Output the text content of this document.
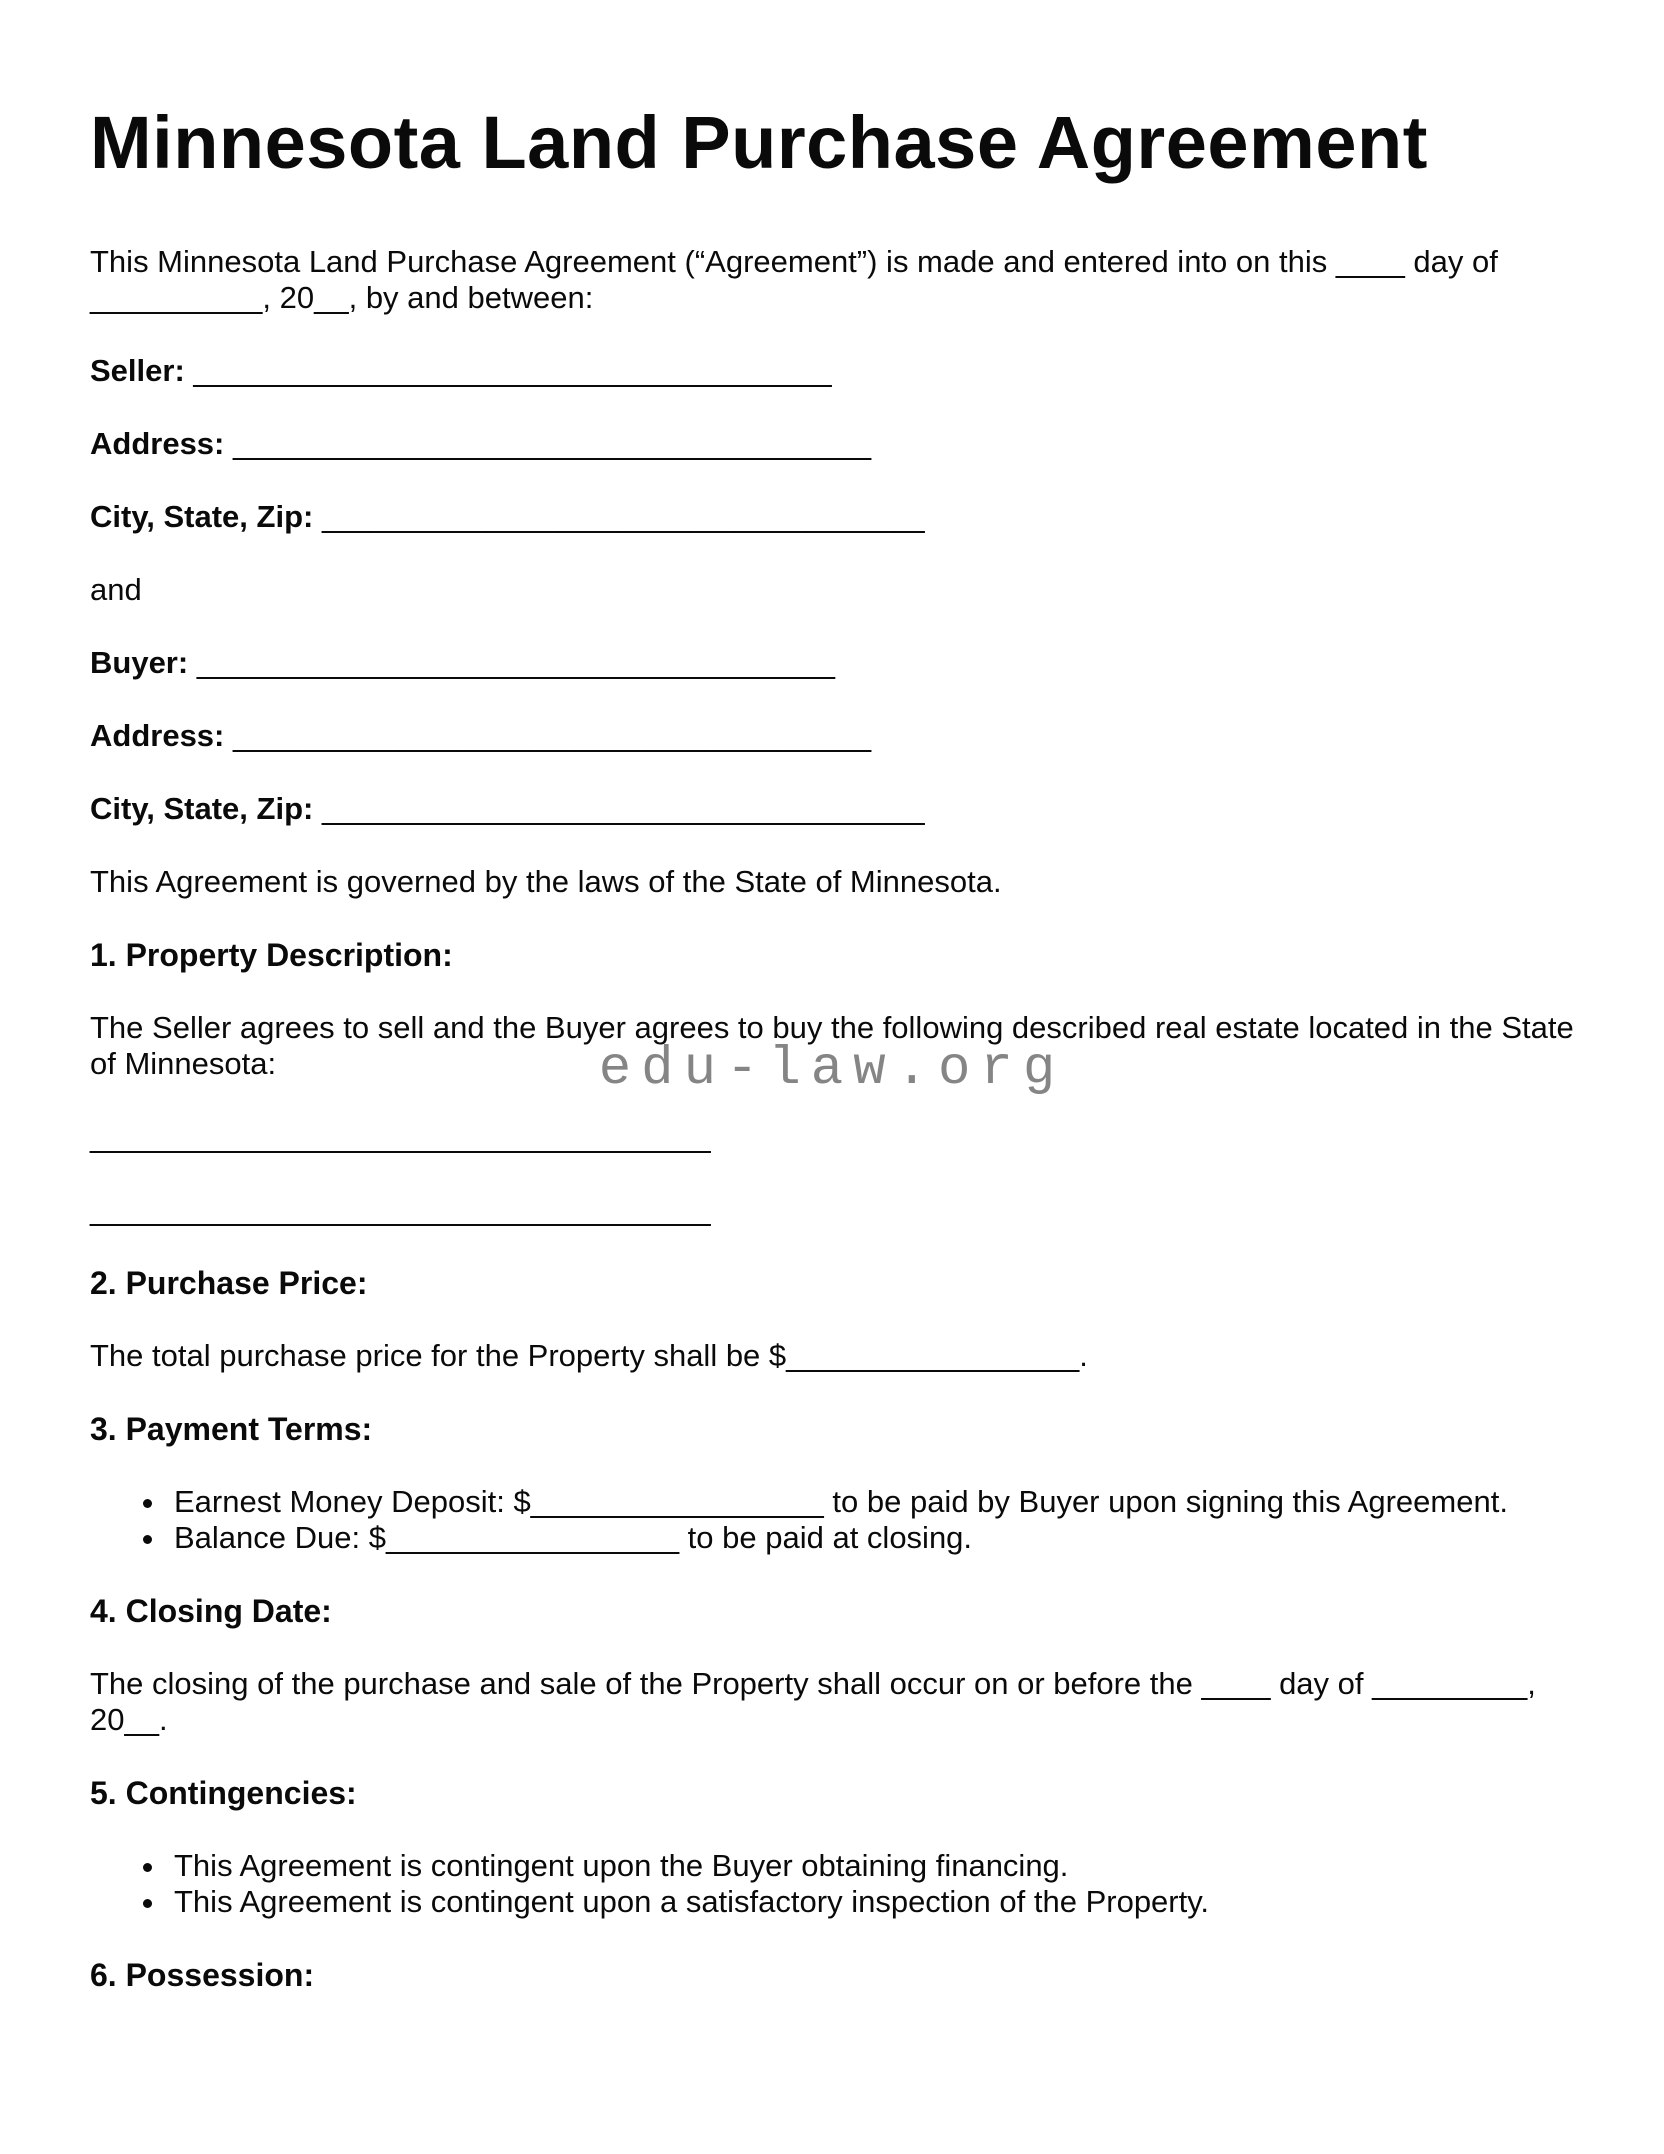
Minnesota Land Purchase Agreement

This Minnesota Land Purchase Agreement (“Agreement”) is made and entered into on this ____ day of __________, 20__, by and between:

Seller: ____________________________________

Address: ____________________________________

City, State, Zip: __________________________________

and

Buyer: ____________________________________

Address: ____________________________________

City, State, Zip: __________________________________

This Agreement is governed by the laws of the State of Minnesota.

1. Property Description:

The Seller agrees to sell and the Buyer agrees to buy the following described real estate located in the State of Minnesota:

____________________________________

____________________________________

2. Purchase Price:

The total purchase price for the Property shall be $_________________.

3. Payment Terms:
• Earnest Money Deposit: $_________________ to be paid by Buyer upon signing this Agreement.
• Balance Due: $_________________ to be paid at closing.
4. Closing Date:

The closing of the purchase and sale of the Property shall occur on or before the ____ day of _________, 20__.

5. Contingencies:
• This Agreement is contingent upon the Buyer obtaining financing.
• This Agreement is contingent upon a satisfactory inspection of the Property.
6. Possession:
edu-law.org
